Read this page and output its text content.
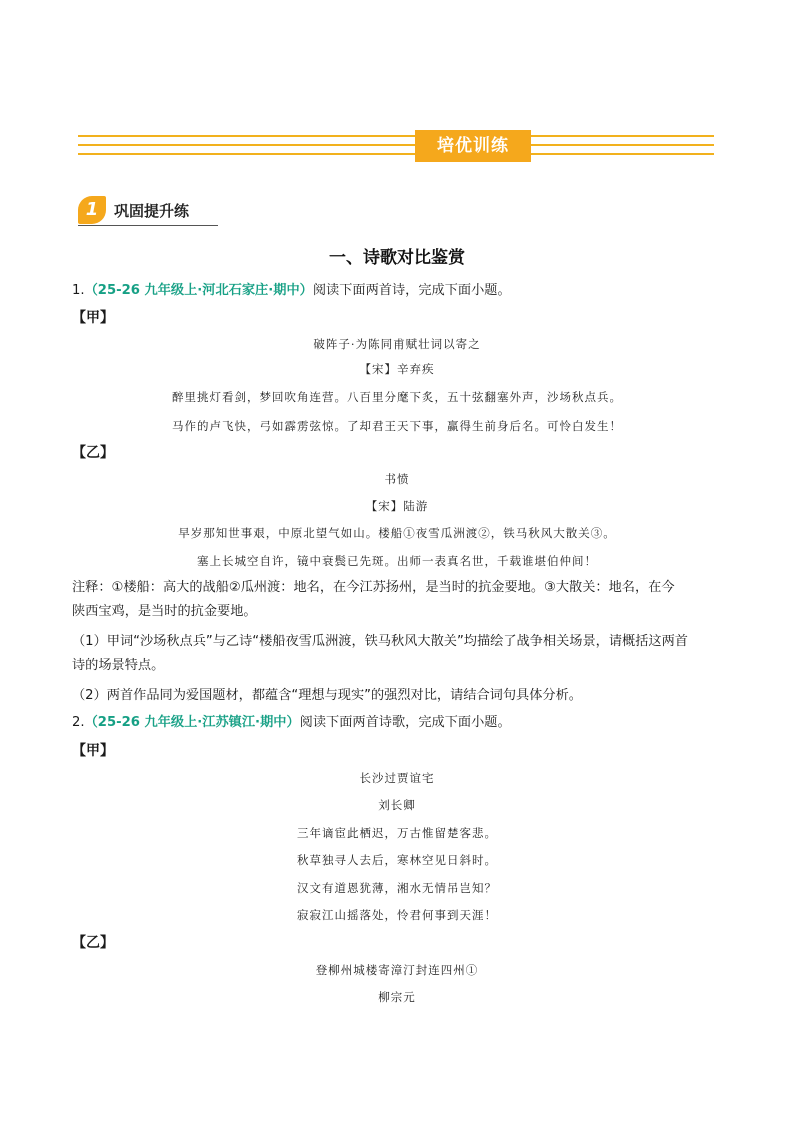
培优训练
1	巩固提升练
一、诗歌对比鉴赏
1.（25-26 九年级上·河北石家庄·期中）阅读下面两首诗，完成下面小题。
【甲】
破阵子·为陈同甫赋壮词以寄之
【宋】辛弃疾
醉里挑灯看剑，梦回吹角连营。八百里分麾下炙，五十弦翻塞外声，沙场秋点兵。
马作的卢飞快，弓如霹雳弦惊。了却君王天下事，赢得生前身后名。可怜白发生！
【乙】
书愤
【宋】陆游
早岁那知世事艰，中原北望气如山。楼船①夜雪瓜洲渡②，铁马秋风大散关③。
塞上长城空自许，镜中衰鬓已先斑。出师一表真名世，千载谁堪伯仲间！
注释：①楼船：高大的战船②瓜州渡：地名，在今江苏扬州，是当时的抗金要地。③大散关：地名，在今
陕西宝鸡，是当时的抗金要地。
（1）甲词“沙场秋点兵”与乙诗“楼船夜雪瓜洲渡，铁马秋风大散关”均描绘了战争相关场景，请概括这两首
诗的场景特点。
（2）两首作品同为爱国题材，都蕴含“理想与现实”的强烈对比，请结合词句具体分析。
2.（25-26 九年级上·江苏镇江·期中）阅读下面两首诗歌，完成下面小题。
【甲】
长沙过贾谊宅
刘长卿
三年谪宦此栖迟，万古惟留楚客悲。
秋草独寻人去后，寒林空见日斜时。
汉文有道恩犹薄，湘水无情吊岂知？
寂寂江山摇落处，怜君何事到天涯！
【乙】
登柳州城楼寄漳汀封连四州①
柳宗元
